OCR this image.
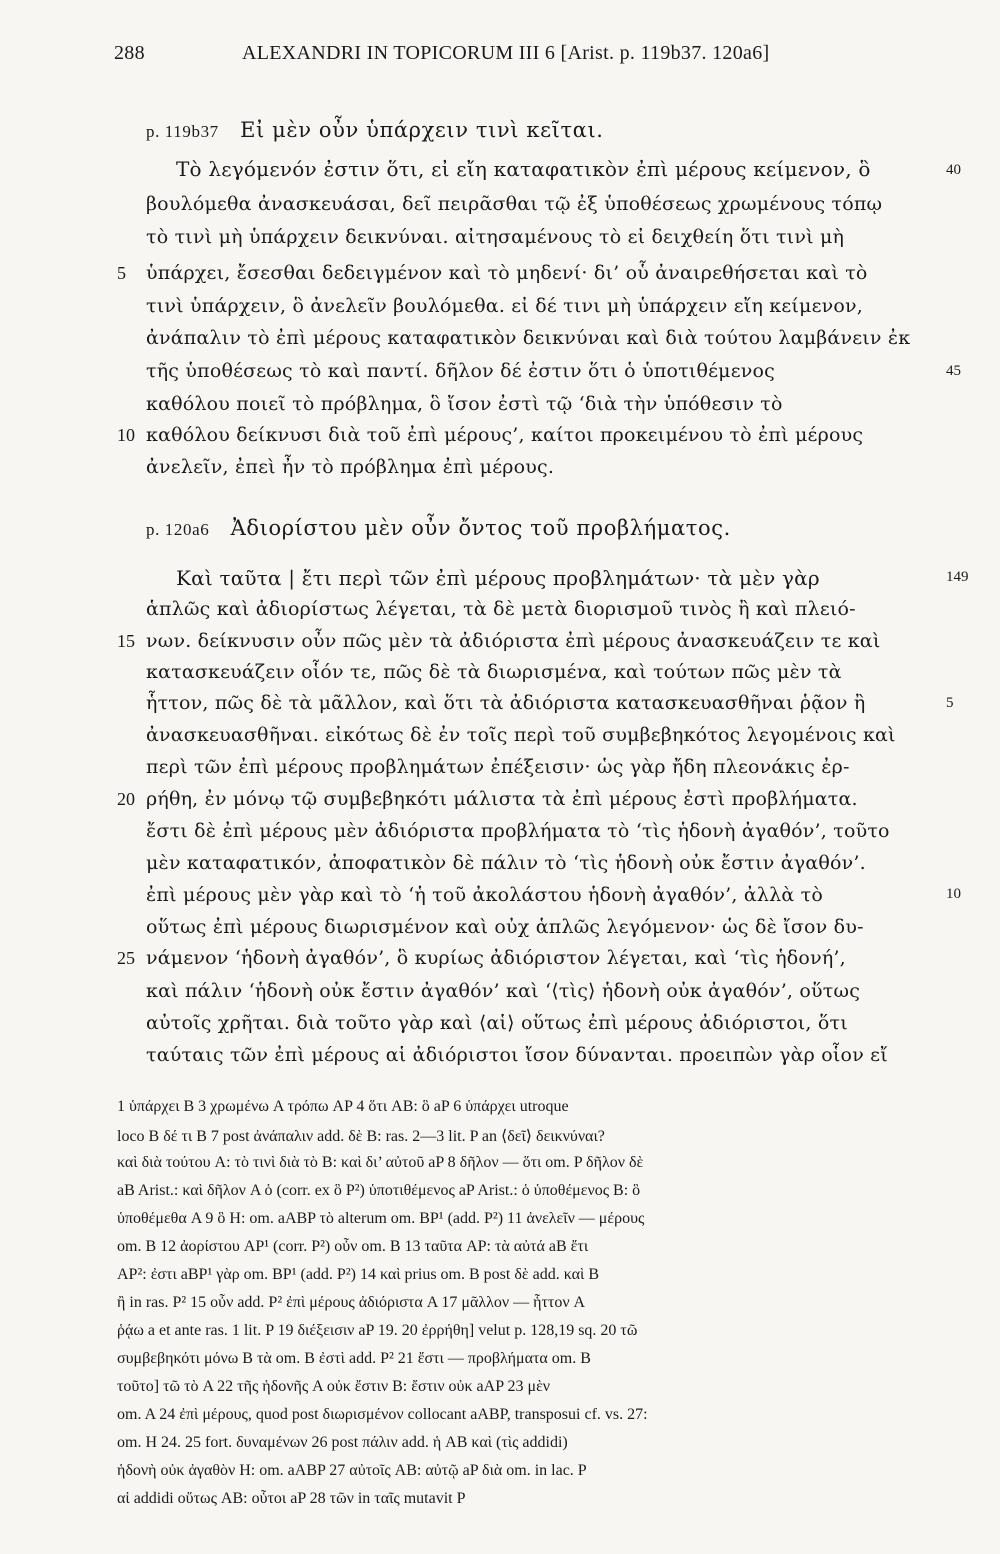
288	ALEXANDRI IN TOPICORUM III 6 [Arist. p. 119b37. 120a6]
p. 119b37 Εἰ μὲν οὖν ὑπάρχειν τινὶ κεῖται.
Τὸ λεγόμενόν ἐστιν ὅτι, εἰ εἴη καταφατικὸν ἐπὶ μέρους κείμενον, ὃ
βουλόμεθα ἀνασκευάσαι, δεῖ πειρᾶσθαι τῷ ἐξ ὑποθέσεως χρωμένους τόπῳ
τὸ τινὶ μὴ ὑπάρχειν δεικνύναι. αἰτησαμένους τὸ εἰ δειχθείη ὅτι τινὶ μὴ
ὑπάρχει, ἔσεσθαι δεδειγμένον καὶ τὸ μηδενί· δι’ οὗ ἀναιρεθήσεται καὶ τὸ
τινὶ ὑπάρχειν, ὃ ἀνελεῖν βουλόμεθα. εἰ δέ τινι μὴ ὑπάρχειν εἴη κείμενον,
ἀνάπαλιν τὸ ἐπὶ μέρους καταφατικὸν δεικνύναι καὶ διὰ τούτου λαμβάνειν ἐκ
τῆς ὑποθέσεως τὸ καὶ παντί. δῆλον δέ ἐστιν ὅτι ὁ ὑποτιθέμενος
καθόλου ποιεῖ τὸ πρόβλημα, ὃ ἴσον ἐστὶ τῷ ‘διὰ τὴν ὑπόθεσιν τὸ
καθόλου δείκνυσι διὰ τοῦ ἐπὶ μέρους’, καίτοι προκειμένου τὸ ἐπὶ μέρους
ἀνελεῖν, ἐπεὶ ἦν τὸ πρόβλημα ἐπὶ μέρους.
p. 120a6 Ἀδιορίστου μὲν οὖν ὄντος τοῦ προβλήματος.
Καὶ ταῦτα | ἔτι περὶ τῶν ἐπὶ μέρους προβλημάτων· τὰ μὲν γὰρ
ἁπλῶς καὶ ἀδιορίστως λέγεται, τὰ δὲ μετὰ διορισμοῦ τινὸς ἢ καὶ πλειό-
νων. δείκνυσιν οὖν πῶς μὲν τὰ ἀδιόριστα ἐπὶ μέρους ἀνασκευάζειν τε καὶ
κατασκευάζειν οἷόν τε, πῶς δὲ τὰ διωρισμένα, καὶ τούτων πῶς μὲν τὰ
ἧττον, πῶς δὲ τὰ μᾶλλον, καὶ ὅτι τὰ ἀδιόριστα κατασκευασθῆναι ῥᾷον ἢ
ἀνασκευασθῆναι. εἰκότως δὲ ἐν τοῖς περὶ τοῦ συμβεβηκότος λεγομένοις καὶ
περὶ τῶν ἐπὶ μέρους προβλημάτων ἐπέξεισιν· ὡς γὰρ ἤδη πλεονάκις ἐρ-
ρήθη, ἐν μόνῳ τῷ συμβεβηκότι μάλιστα τὰ ἐπὶ μέρους ἐστὶ προβλήματα.
ἔστι δὲ ἐπὶ μέρους μὲν ἀδιόριστα προβλήματα τὸ ‘τὶς ἡδονὴ ἀγαθόν’, τοῦτο
μὲν καταφατικόν, ἀποφατικὸν δὲ πάλιν τὸ ‘τὶς ἡδονὴ οὐκ ἔστιν ἀγαθόν’.
ἐπὶ μέρους μὲν γὰρ καὶ τὸ ‘ἡ τοῦ ἀκολάστου ἡδονὴ ἀγαθόν’, ἀλλὰ τὸ
οὕτως ἐπὶ μέρους διωρισμένον καὶ οὐχ ἁπλῶς λεγόμενον· ὡς δὲ ἴσον δυ-
νάμενον ‘ἡδονὴ ἀγαθόν’, ὃ κυρίως ἀδιόριστον λέγεται, καὶ ‘τὶς ἡδονή’,
καὶ πάλιν ‘ἡδονὴ οὐκ ἔστιν ἀγαθόν’ καὶ ‘⟨τὶς⟩ ἡδονὴ οὐκ ἀγαθόν’, οὕτως
αὐτοῖς χρῆται. διὰ τοῦτο γὰρ καὶ ⟨αἱ⟩ οὕτως ἐπὶ μέρους ἀδιόριστοι, ὅτι
ταύταις τῶν ἐπὶ μέρους αἱ ἀδιόριστοι ἴσον δύνανται. προειπὼν γὰρ οἷον εἴ
5
10
15
20
25
40
45
149
5
10
1 ὑπάρχει B 3 χρωμένω A τρόπω AP 4 ὅτι AB: ὃ aP 6 ὑπάρχει utroque
loco B δέ τι B 7 post ἀνάπαλιν add. δὲ B: ras. 2—3 lit. P an ⟨δεῖ⟩ δεικνύναι?
καὶ διὰ τούτου A: τὸ τινὶ διὰ τὸ B: καὶ δι’ αὐτοῦ aP 8 δῆλον — ὅτι om. P δῆλον δὲ
aB Arist.: καὶ δῆλον A ὁ (corr. ex ὃ P²) ὑποτιθέμενος aP Arist.: ὁ ὑποθέμενος B: ὃ
ὑποθέμεθα A 9 ὃ H: om. aABP τὸ alterum om. BP¹ (add. P²) 11 ἀνελεῖν — μέρους
om. B 12 ἀορίστου AP¹ (corr. P²) οὖν om. B 13 ταῦτα AP: τὰ αὐτά aB ἔτι
AP²: ἐστι aBP¹ γὰρ om. BP¹ (add. P²) 14 καὶ prius om. B post δὲ add. καὶ B
ἢ in ras. P² 15 οὖν add. P² ἐπὶ μέρους ἀδιόριστα A 17 μᾶλλον — ἧττον A
ῥᾴω a et ante ras. 1 lit. P 19 διέξεισιν aP 19. 20 ἐρρήθη] velut p. 128,19 sq. 20 τῶ
συμβεβηκότι μόνω B τὰ om. B ἐστὶ add. P² 21 ἔστι — προβλήματα om. B
τοῦτο] τῶ τὸ A 22 τῆς ἡδονῆς A οὐκ ἔστιν B: ἔστιν οὐκ aAP 23 μὲν
om. A 24 ἐπὶ μέρους, quod post διωρισμένον collocant aABP, transposui cf. vs. 27:
om. H 24. 25 fort. δυναμένων 26 post πάλιν add. ἡ AB καὶ (τὶς addidi)
ἡδονὴ οὐκ ἀγαθὸν H: om. aABP 27 αὐτοῖς AB: αὐτῷ aP διὰ om. in lac. P
αἱ addidi οὕτως AB: οὗτοι aP 28 τῶν in ταῖς mutavit P
